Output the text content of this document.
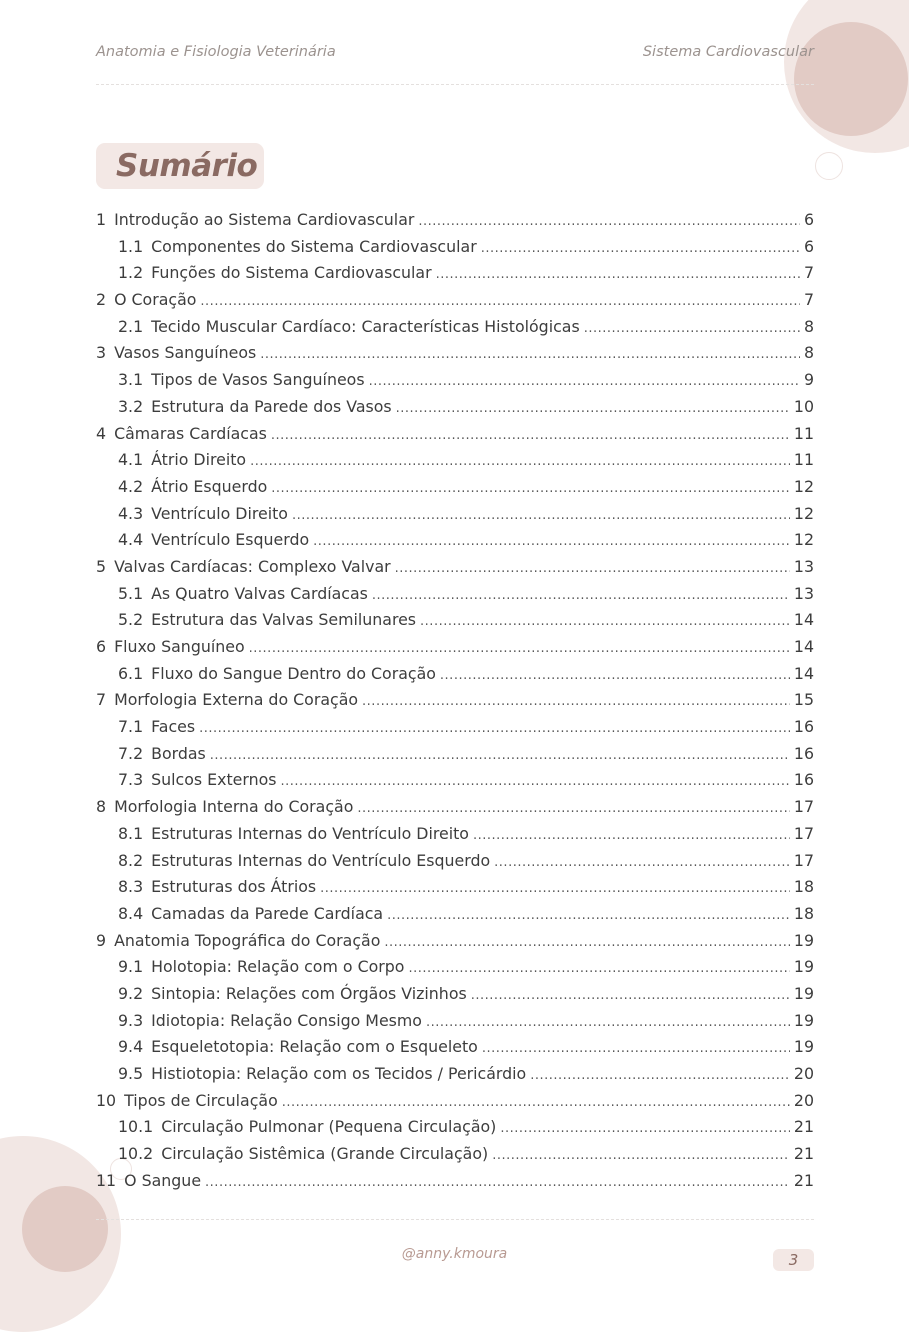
Anatomia e Fisiologia Veterinária	Sistema Cardiovascular
Sumário
1 Introdução ao Sistema Cardiovascular .....	6
1.1 Componentes do Sistema Cardiovascular .....	6
1.2 Funções do Sistema Cardiovascular .....	7
2 O Coração .....	7
2.1 Tecido Muscular Cardíaco: Características Histológicas .....	8
3 Vasos Sanguíneos .....	8
3.1 Tipos de Vasos Sanguíneos .....	9
3.2 Estrutura da Parede dos Vasos .....	10
4 Câmaras Cardíacas .....	11
4.1 Átrio Direito .....	11
4.2 Átrio Esquerdo .....	12
4.3 Ventrículo Direito .....	12
4.4 Ventrículo Esquerdo .....	12
5 Valvas Cardíacas: Complexo Valvar .....	13
5.1 As Quatro Valvas Cardíacas .....	13
5.2 Estrutura das Valvas Semilunares .....	14
6 Fluxo Sanguíneo .....	14
6.1 Fluxo do Sangue Dentro do Coração .....	14
7 Morfologia Externa do Coração .....	15
7.1 Faces .....	16
7.2 Bordas .....	16
7.3 Sulcos Externos .....	16
8 Morfologia Interna do Coração .....	17
8.1 Estruturas Internas do Ventrículo Direito .....	17
8.2 Estruturas Internas do Ventrículo Esquerdo .....	17
8.3 Estruturas dos Átrios .....	18
8.4 Camadas da Parede Cardíaca .....	18
9 Anatomia Topográfica do Coração .....	19
9.1 Holotopia: Relação com o Corpo .....	19
9.2 Sintopia: Relações com Órgãos Vizinhos .....	19
9.3 Idiotopia: Relação Consigo Mesmo .....	19
9.4 Esqueletotopia: Relação com o Esqueleto .....	19
9.5 Histiotopia: Relação com os Tecidos / Pericárdio .....	20
10 Tipos de Circulação .....	20
10.1 Circulação Pulmonar (Pequena Circulação) .....	21
10.2 Circulação Sistêmica (Grande Circulação) .....	21
11 O Sangue .....	21
@anny.kmoura	3
